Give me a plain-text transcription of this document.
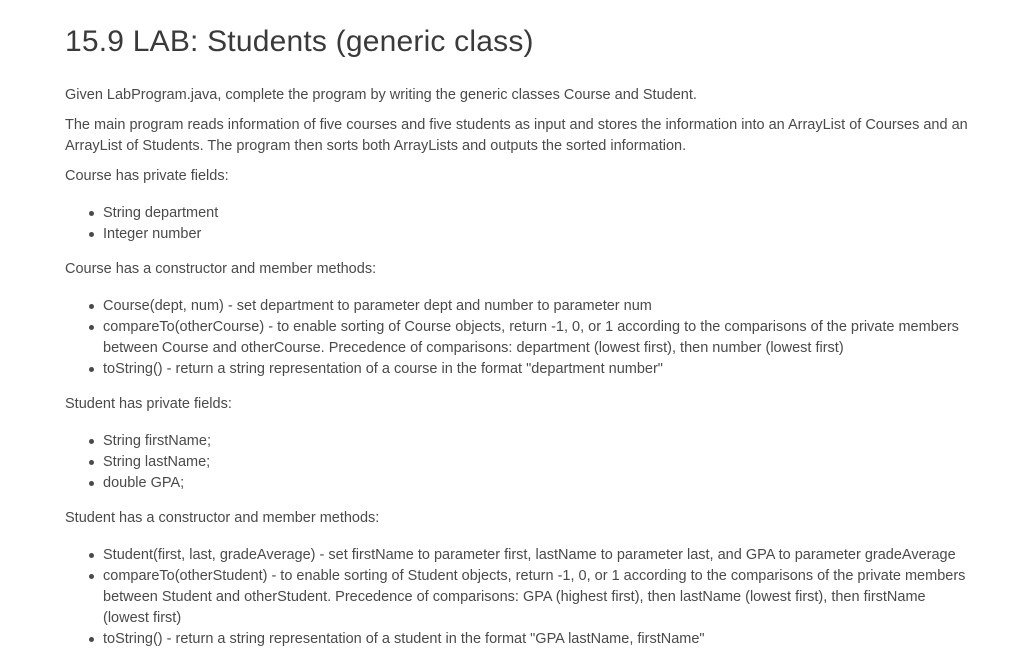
15.9 LAB: Students (generic class)

Given LabProgram.java, complete the program by writing the generic classes Course and Student.

The main program reads information of five courses and five students as input and stores the information into an ArrayList of Courses and an ArrayList of Students. The program then sorts both ArrayLists and outputs the sorted information.

Course has private fields:

String department
Integer number

Course has a constructor and member methods:

Course(dept, num) - set department to parameter dept and number to parameter num
compareTo(otherCourse) - to enable sorting of Course objects, return -1, 0, or 1 according to the comparisons of the private members between Course and otherCourse. Precedence of comparisons: department (lowest first), then number (lowest first)
toString() - return a string representation of a course in the format "department number"

Student has private fields:

String firstName;
String lastName;
double GPA;

Student has a constructor and member methods:

Student(first, last, gradeAverage) - set firstName to parameter first, lastName to parameter last, and GPA to parameter gradeAverage
compareTo(otherStudent) - to enable sorting of Student objects, return -1, 0, or 1 according to the comparisons of the private members between Student and otherStudent. Precedence of comparisons: GPA (highest first), then lastName (lowest first), then firstName (lowest first)
toString() - return a string representation of a student in the format "GPA lastName, firstName"
